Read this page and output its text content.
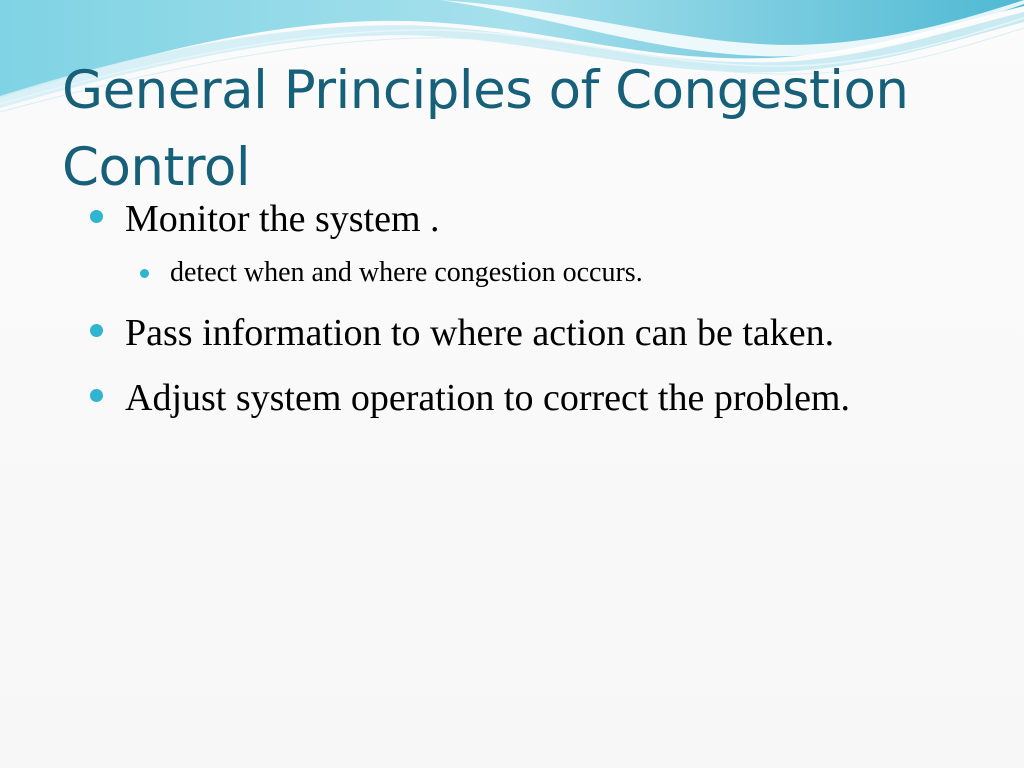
General Principles of Congestion Control
Monitor the system .
detect when and where congestion occurs.
Pass information to where action can be taken.
Adjust system operation to correct the problem.
